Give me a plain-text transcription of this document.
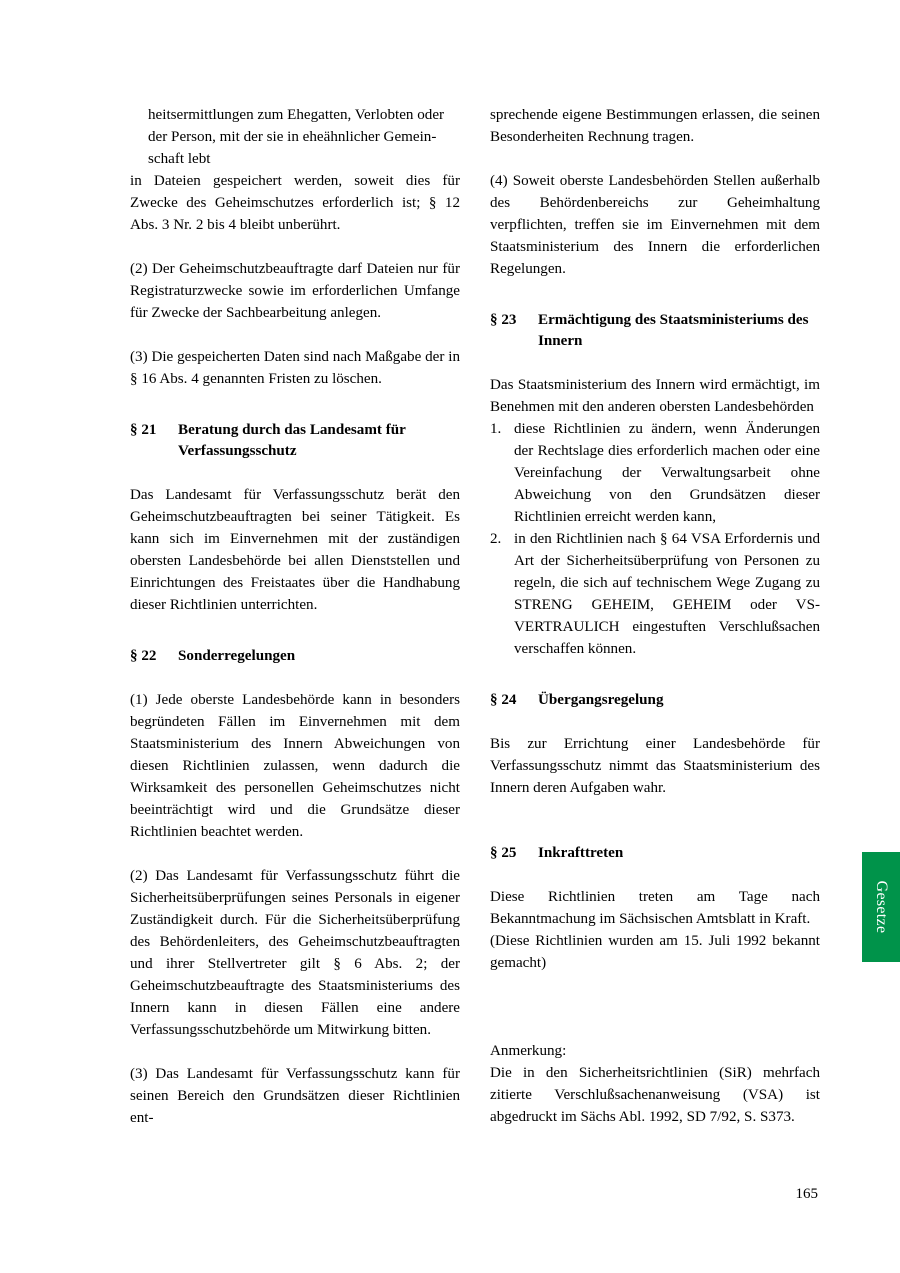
heitsermittlungen zum Ehegatten, Verlobten oder
der Person, mit der sie in eheähnlicher Gemein-
schaft lebt

in Dateien gespeichert werden, soweit dies für Zwecke des Geheimschutzes erforderlich ist; § 12 Abs. 3 Nr. 2 bis 4 bleibt unberührt.

(2) Der Geheimschutzbeauftragte darf Dateien nur für Registraturzwecke sowie im erforderlichen Umfange für Zwecke der Sachbearbeitung anlegen.

(3) Die gespeicherten Daten sind nach Maßgabe der in § 16 Abs. 4 genannten Fristen zu löschen.

§ 21	Beratung durch das Landesamt für Verfassungsschutz

Das Landesamt für Verfassungsschutz berät den Geheimschutzbeauftragten bei seiner Tätigkeit. Es kann sich im Einvernehmen mit der zuständigen obersten Landesbehörde bei allen Dienststellen und Einrichtungen des Freistaates über die Handhabung dieser Richtlinien unterrichten.

§ 22	Sonderregelungen

(1) Jede oberste Landesbehörde kann in besonders begründeten Fällen im Einvernehmen mit dem Staatsministerium des Innern Abweichungen von diesen Richtlinien zulassen, wenn dadurch die Wirksamkeit des personellen Geheimschutzes nicht beeinträchtigt wird und die Grundsätze dieser Richtlinien beachtet werden.

(2) Das Landesamt für Verfassungsschutz führt die Sicherheitsüberprüfungen seines Personals in eigener Zuständigkeit durch. Für die Sicherheitsüberprüfung des Behördenleiters, des Geheimschutzbeauftragten und ihrer Stellvertreter gilt § 6 Abs. 2; der Geheimschutzbeauftragte des Staatsministeriums des Innern kann in diesen Fällen eine andere Verfassungsschutzbehörde um Mitwirkung bitten.

(3) Das Landesamt für Verfassungsschutz kann für seinen Bereich den Grundsätzen dieser Richtlinien ent-

sprechende eigene Bestimmungen erlassen, die seinen Besonderheiten Rechnung tragen.

(4) Soweit oberste Landesbehörden Stellen außerhalb des Behördenbereichs zur Geheimhaltung verpflichten, treffen sie im Einvernehmen mit dem Staatsministerium des Innern die erforderlichen Regelungen.

§ 23	Ermächtigung des Staatsministeriums des Innern

Das Staatsministerium des Innern wird ermächtigt, im Benehmen mit den anderen obersten Landesbehörden

1. diese Richtlinien zu ändern, wenn Änderungen der Rechtslage dies erforderlich machen oder eine Vereinfachung der Verwaltungsarbeit ohne Abweichung von den Grundsätzen dieser Richtlinien erreicht werden kann,
2. in den Richtlinien nach § 64 VSA Erfordernis und Art der Sicherheitsüberprüfung von Personen zu regeln, die sich auf technischem Wege Zugang zu STRENG GEHEIM, GEHEIM oder VS-VERTRAULICH eingestuften Verschlußsachen verschaffen können.
§ 24	Übergangsregelung

Bis zur Errichtung einer Landesbehörde für Verfassungsschutz nimmt das Staatsministerium des Innern deren Aufgaben wahr.

§ 25	Inkrafttreten

Diese Richtlinien treten am Tage nach Bekanntmachung im Sächsischen Amtsblatt in Kraft.

(Diese Richtlinien wurden am 15. Juli 1992 bekannt gemacht)

Anmerkung:

Die in den Sicherheitsrichtlinien (SiR) mehrfach zitierte Verschlußsachenanweisung (VSA) ist abgedruckt im Sächs Abl. 1992, SD 7/92, S. S373.

Gesetze
165
